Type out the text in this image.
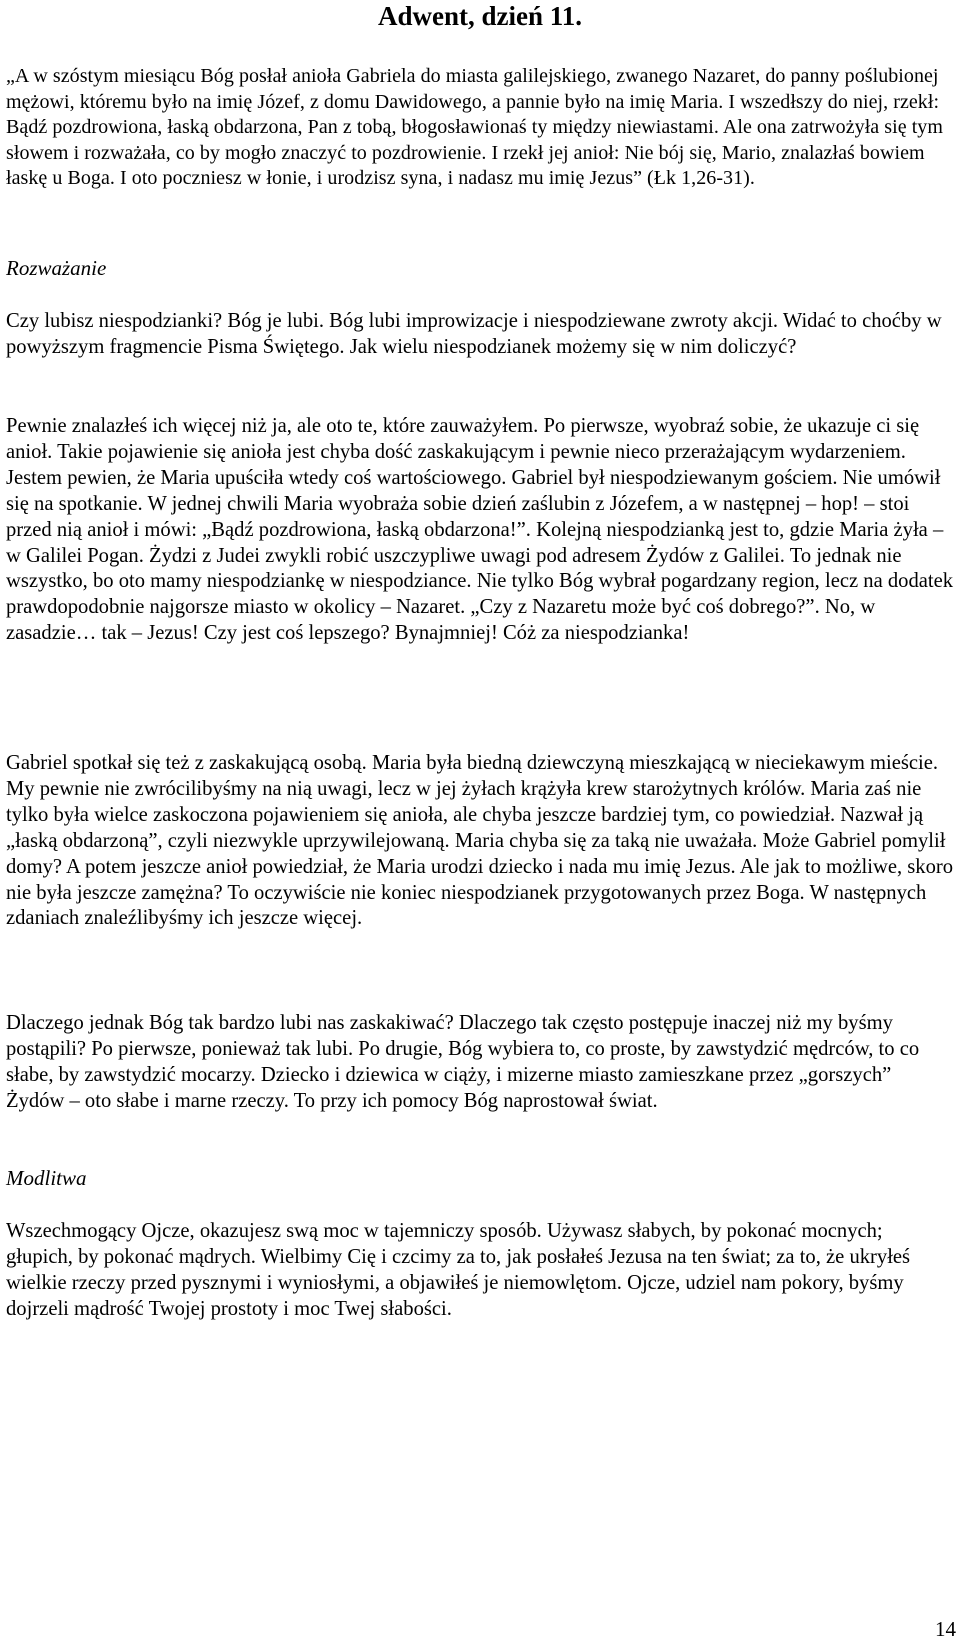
Adwent, dzień 11.

„A w szóstym miesiącu Bóg posłał anioła Gabriela do miasta galilejskiego, zwanego Nazaret, do panny poślubionej mężowi, któremu było na imię Józef, z domu Dawidowego, a pannie było na imię Maria. I wszedłszy do niej, rzekł: Bądź pozdrowiona, łaską obdarzona, Pan z tobą, błogosławionaś ty między niewiastami. Ale ona zatrwożyła się tym słowem i rozważała, co by mogło znaczyć to pozdrowienie. I rzekł jej anioł: Nie bój się, Mario, znalazłaś bowiem łaskę u Boga. I oto poczniesz w łonie, i urodzisz syna, i nadasz mu imię Jezus” (Łk 1,26-31).

Rozważanie

Czy lubisz niespodzianki? Bóg je lubi. Bóg lubi improwizacje i niespodziewane zwroty akcji. Widać to choćby w powyższym fragmencie Pisma Świętego. Jak wielu niespodzianek możemy się w nim doliczyć?

Pewnie znalazłeś ich więcej niż ja, ale oto te, które zauważyłem. Po pierwsze, wyobraź sobie, że ukazuje ci się anioł. Takie pojawienie się anioła jest chyba dość zaskakującym i pewnie nieco przerażającym wydarzeniem. Jestem pewien, że Maria upuściła wtedy coś wartościowego. Gabriel był niespodziewanym gościem. Nie umówił się na spotkanie. W jednej chwili Maria wyobraża sobie dzień zaślubin z Józefem, a w następnej – hop! – stoi przed nią anioł i mówi: „Bądź pozdrowiona, łaską obdarzona!”. Kolejną niespodzianką jest to, gdzie Maria żyła – w Galilei Pogan. Żydzi z Judei zwykli robić uszczypliwe uwagi pod adresem Żydów z Galilei. To jednak nie wszystko, bo oto mamy niespodziankę w niespodziance. Nie tylko Bóg wybrał pogardzany region, lecz na dodatek prawdopodobnie najgorsze miasto w okolicy – Nazaret. „Czy z Nazaretu może być coś dobrego?”. No, w zasadzie… tak – Jezus! Czy jest coś lepszego? Bynajmniej! Cóż za niespodzianka!

Gabriel spotkał się też z zaskakującą osobą. Maria była biedną dziewczyną mieszkającą w nieciekawym mieście. My pewnie nie zwrócilibyśmy na nią uwagi, lecz w jej żyłach krążyła krew starożytnych królów. Maria zaś nie tylko była wielce zaskoczona pojawieniem się anioła, ale chyba jeszcze bardziej tym, co powiedział. Nazwał ją „łaską obdarzoną”, czyli niezwykle uprzywilejowaną. Maria chyba się za taką nie uważała. Może Gabriel pomylił domy? A potem jeszcze anioł powiedział, że Maria urodzi dziecko i nada mu imię Jezus. Ale jak to możliwe, skoro nie była jeszcze zamężna? To oczywiście nie koniec niespodzianek przygotowanych przez Boga. W następnych zdaniach znaleźlibyśmy ich jeszcze więcej.

Dlaczego jednak Bóg tak bardzo lubi nas zaskakiwać? Dlaczego tak często postępuje inaczej niż my byśmy postąpili? Po pierwsze, ponieważ tak lubi. Po drugie, Bóg wybiera to, co proste, by zawstydzić mędrców, to co słabe, by zawstydzić mocarzy. Dziecko i dziewica w ciąży, i mizerne miasto zamieszkane przez „gorszych” Żydów – oto słabe i marne rzeczy. To przy ich pomocy Bóg naprostował świat.

Modlitwa

Wszechmogący Ojcze, okazujesz swą moc w tajemniczy sposób. Używasz słabych, by pokonać mocnych; głupich, by pokonać mądrych. Wielbimy Cię i czcimy za to, jak posłałeś Jezusa na ten świat; za to, że ukryłeś wielkie rzeczy przed pysznymi i wyniosłymi, a objawiłeś je niemowlętom. Ojcze, udziel nam pokory, byśmy dojrzeli mądrość Twojej prostoty i moc Twej słabości.

14
